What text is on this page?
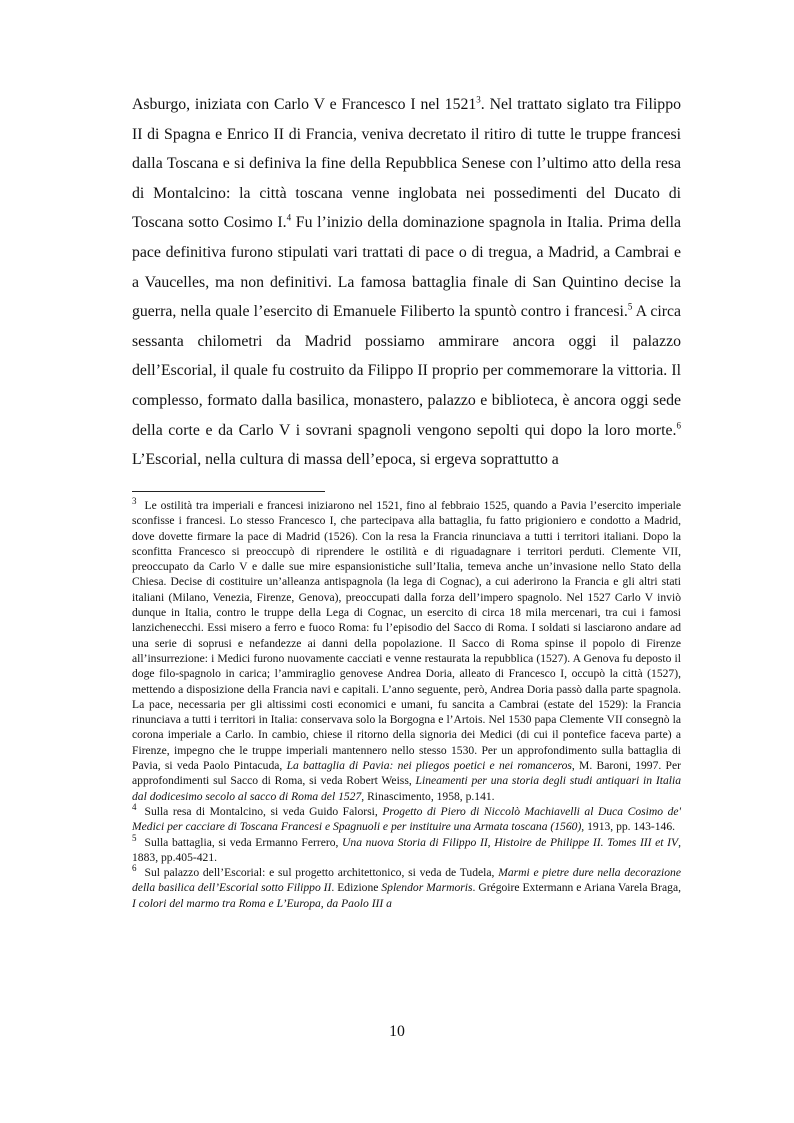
Asburgo, iniziata con Carlo V e Francesco I nel 1521$^3$. Nel trattato siglato tra Filippo II di Spagna e Enrico II di Francia, veniva decretato il ritiro di tutte le truppe francesi dalla Toscana e si definiva la fine della Repubblica Senese con l’ultimo atto della resa di Montalcino: la città toscana venne inglobata nei possedimenti del Ducato di Toscana sotto Cosimo I.$^4$ Fu l’inizio della dominazione spagnola in Italia. Prima della pace definitiva furono stipulati vari trattati di pace o di tregua, a Madrid, a Cambrai e a Vaucelles, ma non definitivi. La famosa battaglia finale di San Quintino decise la guerra, nella quale l’esercito di Emanuele Filiberto la spuntò contro i francesi.$^5$ A circa sessanta chilometri da Madrid possiamo ammirare ancora oggi il palazzo dell’Escorial, il quale fu costruito da Filippo II proprio per commemorare la vittoria. Il complesso, formato dalla basilica, monastero, palazzo e biblioteca, è ancora oggi sede della corte e da Carlo V i sovrani spagnoli vengono sepolti qui dopo la loro morte.$^6$ L’Escorial, nella cultura di massa dell’epoca, si ergeva soprattutto a

$^3$ Le ostilità tra imperiali e francesi iniziarono nel 1521, fino al febbraio 1525, quando a Pavia l’esercito imperiale sconfisse i francesi. Lo stesso Francesco I, che partecipava alla battaglia, fu fatto prigioniero e condotto a Madrid, dove dovette firmare la pace di Madrid (1526). Con la resa la Francia rinunciava a tutti i territori italiani. Dopo la sconfitta Francesco si preoccupò di riprendere le ostilità e di riguadagnare i territori perduti. Clemente VII, preoccupato da Carlo V e dalle sue mire espansionistiche sull’Italia, temeva anche un’invasione nello Stato della Chiesa. Decise di costituire un’alleanza antispagnola (la lega di Cognac), a cui aderirono la Francia e gli altri stati italiani (Milano, Venezia, Firenze, Genova), preoccupati dalla forza dell’impero spagnolo. Nel 1527 Carlo V inviò dunque in Italia, contro le truppe della Lega di Cognac, un esercito di circa 18 mila mercenari, tra cui i famosi lanzichenecchi. Essi misero a ferro e fuoco Roma: fu l’episodio del Sacco di Roma. I soldati si lasciarono andare ad una serie di soprusi e nefandezze ai danni della popolazione. Il Sacco di Roma spinse il popolo di Firenze all’insurrezione: i Medici furono nuovamente cacciati e venne restaurata la repubblica (1527). A Genova fu deposto il doge filo-spagnolo in carica; l’ammiraglio genovese Andrea Doria, alleato di Francesco I, occupò la città (1527), mettendo a disposizione della Francia navi e capitali. L’anno seguente, però, Andrea Doria passò dalla parte spagnola. La pace, necessaria per gli altissimi costi economici e umani, fu sancita a Cambrai (estate del 1529): la Francia rinunciava a tutti i territori in Italia: conservava solo la Borgogna e l’Artois. Nel 1530 papa Clemente VII consegnò la corona imperiale a Carlo. In cambio, chiese il ritorno della signoria dei Medici (di cui il pontefice faceva parte) a Firenze, impegno che le truppe imperiali mantennero nello stesso 1530. Per un approfondimento sulla battaglia di Pavia, si veda Paolo Pintacuda, La battaglia di Pavia: nei pliegos poetici e nei romanceros, M. Baroni, 1997. Per approfondimenti sul Sacco di Roma, si veda Robert Weiss, Lineamenti per una storia degli studi antiquari in Italia dal dodicesimo secolo al sacco di Roma del 1527, Rinascimento, 1958, p.141.

$^4$ Sulla resa di Montalcino, si veda Guido Falorsi, Progetto di Piero di Niccolò Machiavelli al Duca Cosimo de' Medici per cacciare di Toscana Francesi e Spagnuoli e per instituire una Armata toscana (1560), 1913, pp. 143-146.

$^5$ Sulla battaglia, si veda Ermanno Ferrero, Una nuova Storia di Filippo II, Histoire de Philippe II. Tomes III et IV, 1883, pp.405-421.

$^6$ Sul palazzo dell’Escorial: e sul progetto architettonico, si veda de Tudela, Marmi e pietre dure nella decorazione della basilica dell’Escorial sotto Filippo II. Edizione Splendor Marmoris. Grégoire Extermann e Ariana Varela Braga, I colori del marmo tra Roma e L’Europa, da Paolo III a

10
